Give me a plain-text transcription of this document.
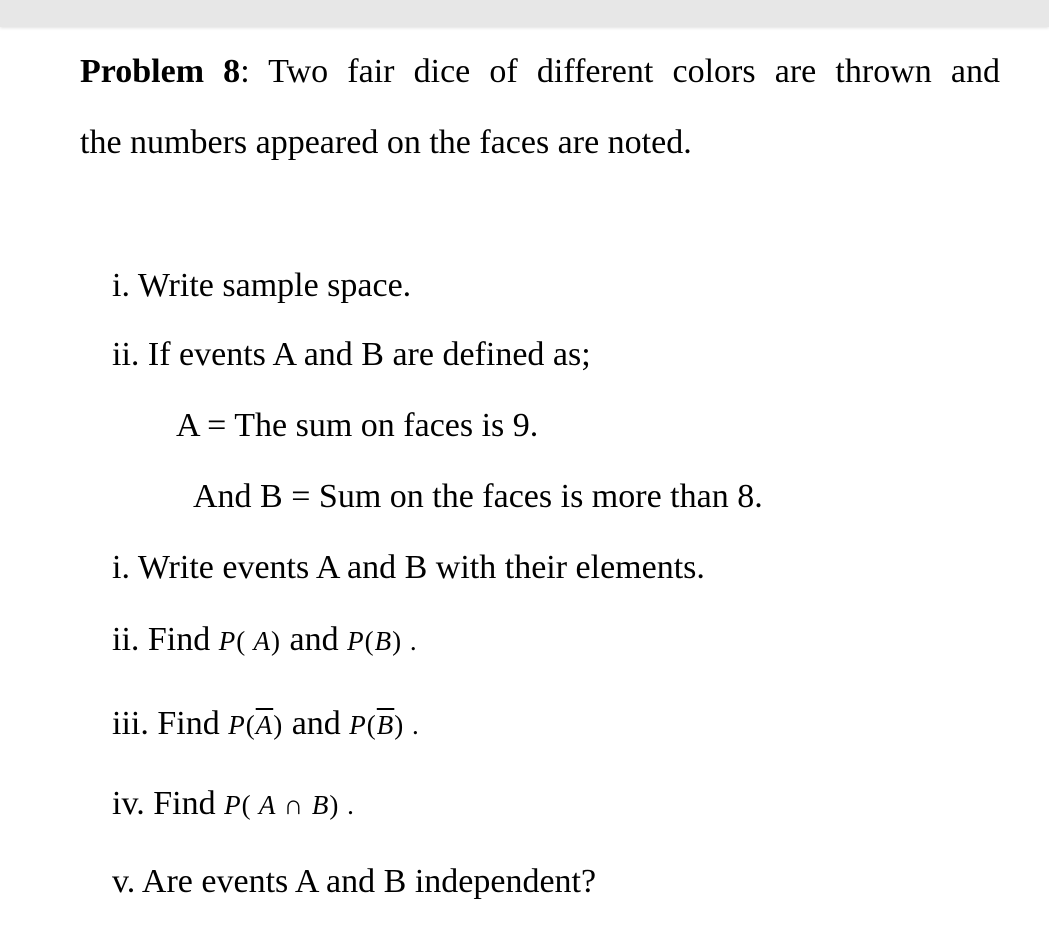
Problem 8: Two fair dice of different colors are thrown and

the numbers appeared on the faces are noted.

i. Write sample space.

ii. If events A and B are defined as;

A = The sum on faces is 9.

And B = Sum on the faces is more than 8.

i. Write events A and B with their elements.

ii. Find P( A) and P(B) .

iii. Find $P(\overline{A})$ and $P(\overline{B})$ .

iv. Find P( A ∩ B) .

v. Are events A and B independent?
